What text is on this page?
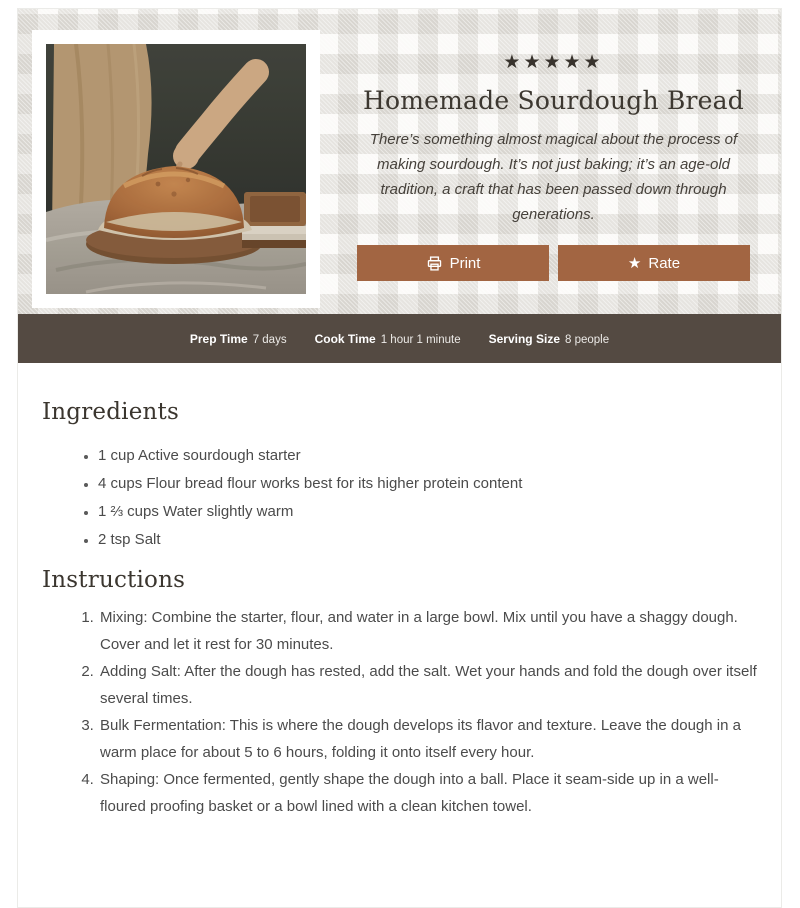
★★★★★
Homemade Sourdough Bread

There’s something almost magical about the process of making sourdough. It’s not just baking; it’s an age-old tradition, a craft that has been passed down through generations.

Print	★ Rate
Prep Time 7 days Cook Time 1 hour 1 minute Serving Size 8 people
Ingredients
• 1 cup Active sourdough starter
• 4 cups Flour bread flour works best for its higher protein content
• 1 ⅔ cups Water slightly warm
• 2 tsp Salt
Instructions
1. Mixing: Combine the starter, flour, and water in a large bowl. Mix until you have a shaggy dough. Cover and let it rest for 30 minutes.
2. Adding Salt: After the dough has rested, add the salt. Wet your hands and fold the dough over itself several times.
3. Bulk Fermentation: This is where the dough develops its flavor and texture. Leave the dough in a warm place for about 5 to 6 hours, folding it onto itself every hour.
4. Shaping: Once fermented, gently shape the dough into a ball. Place it seam-side up in a well-floured proofing basket or a bowl lined with a clean kitchen towel.
